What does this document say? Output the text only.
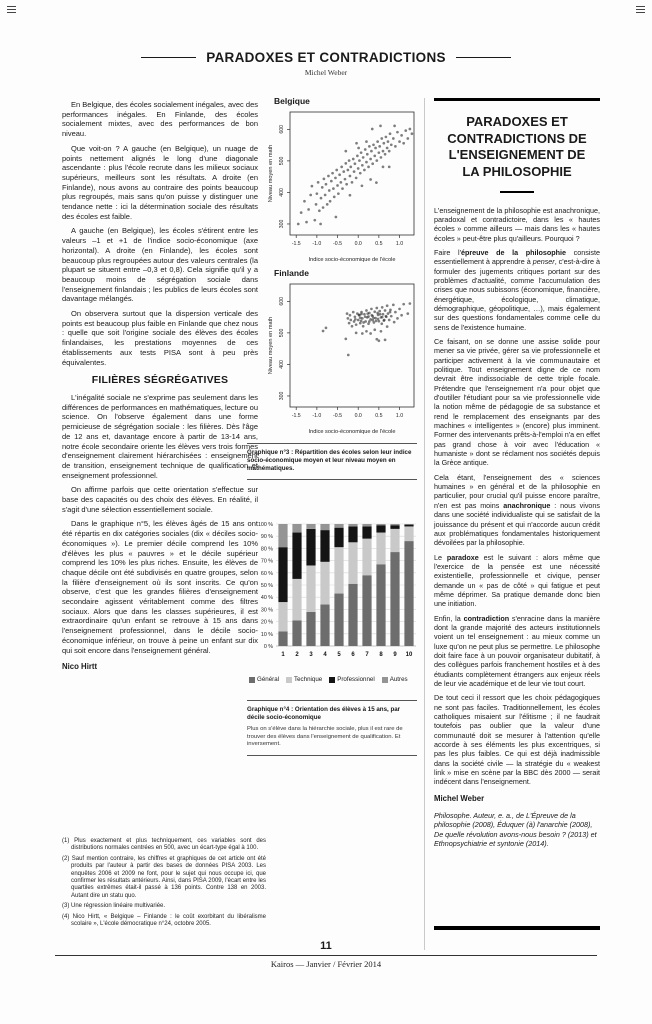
PARADOXES ET CONTRADICTIONS
Michel Weber

En Belgique, des écoles socialement inégales, avec des performances inégales. En Finlande, des écoles socialement mixtes, avec des performances de bon niveau.

Que voit-on ? A gauche (en Belgique), un nuage de points nettement alignés le long d'une diagonale ascendante : plus l'école recrute dans les milieux sociaux supérieurs, meilleurs sont les résultats. A droite (en Finlande), nous avons au contraire des points beaucoup plus regroupés, mais sans qu'on puisse y distinguer une tendance nette : ici la détermination sociale des résultats des écoles est faible.

A gauche (en Belgique), les écoles s'étirent entre les valeurs –1 et +1 de l'indice socio-économique (axe horizontal). A droite (en Finlande), les écoles sont beaucoup plus regroupées autour des valeurs centrales (la plupart se situent entre –0,3 et 0,8). Cela signifie qu'il y a beaucoup moins de ségrégation sociale dans l'enseignement finlandais ; les publics de leurs écoles sont davantage mélangés.

On observera surtout que la dispersion verticale des points est beaucoup plus faible en Finlande que chez nous : quelle que soit l'origine sociale des élèves des écoles finlandaises, les prestations moyennes de ces établissements aux tests PISA sont à peu près équivalentes.

FILIÈRES SÉGRÉGATIVES

L'inégalité sociale ne s'exprime pas seulement dans les différences de performances en mathématiques, lecture ou science. On l'observe également dans une forme pernicieuse de ségrégation sociale : les filières. Dès l'âge de 12 ans et, davantage encore à partir de 13-14 ans, notre école secondaire oriente les élèves vers trois formes d'enseignement clairement hiérarchisées : enseignement de transition, enseignement technique de qualification et enseignement professionnel.

On affirme parfois que cette orientation s'effectue sur base des capacités ou des choix des élèves. En réalité, il s'agit d'une sélection essentiellement sociale.

Dans le graphique n°5, les élèves âgés de 15 ans ont été répartis en dix catégories sociales (dix « déciles socio-économiques »). Le premier décile comprend les 10% d'élèves les plus « pauvres » et le décile supérieur comprend les 10% les plus riches. Ensuite, les élèves de chaque décile ont été subdivisés en quatre groupes, selon la filière d'enseignement où ils sont inscrits. Ce qu'on observe, c'est que les grandes filières d'enseignement secondaire agissent véritablement comme des filtres sociaux. Alors que dans les classes supérieures, il est extraordinaire qu'un enfant se retrouve à 15 ans dans l'enseignement professionnel, dans le décile socio-économique inférieur, on trouve à peine un enfant sur dix qui soit encore dans l'enseignement général.

Nico Hirtt
(1) Plus exactement et plus techniquement, ces variables sont des distributions normales centrées en 500, avec un écart-type égal à 100.
(2) Sauf mention contraire, les chiffres et graphiques de cet article ont été produits par l'auteur à partir des bases de données PISA 2003. Les enquêtes 2006 et 2009 ne font, pour le sujet qui nous occupe ici, que confirmer les résultats antérieurs. Ainsi, dans PISA 2009, l'écart entre les quartiles extrêmes était-il passé à 136 points. Contre 138 en 2003. Autant dire un statu quo.
(3) Une régression linéaire multivariée.
(4) Nico Hirtt, « Belgique – Finlande : le coût exorbitant du libéralisme scolaire », L'école démocratique n°24, octobre 2005.
Belgique
-1.5 -1.0 -0.5 0.0	0.5	1.0
300
400
500
600
Niveau moyen en math
Indice socio-économique de l'école
Finlande
-1.5 -1.0 -0.5 0.0	0.5	1.0
300
400
500
600
Niveau moyen en math
Indice socio-économique de l'école
Graphique n°3 : Répartition des écoles selon leur indice socio-économique moyen et leur niveau moyen en mathématiques.
0 %
10 %
20 %
30 %
40 %
50 %
60 %
70 %
80 %
90 %
100 %
1 2 3 4 5 6 7 8 9 10
Général Technique Professionnel Autres
Graphique n°4 : Orientation des élèves à 15 ans, par décile socio-économique
Plus on s'élève dans la hiérarchie sociale, plus il est rare de trouver des élèves dans l'enseignement de qualification. Et inversement.
PARADOXES ET CONTRADICTIONS DE L'ENSEIGNEMENT DE LA PHILOSOPHIE

L'enseignement de la philosophie est anachronique, paradoxal et contradictoire, dans les « hautes écoles » comme ailleurs — mais dans les « hautes écoles » peut-être plus qu'ailleurs. Pourquoi ?

Faire l'épreuve de la philosophie consiste essentiellement à apprendre à penser, c'est-à-dire à formuler des jugements critiques portant sur des problèmes d'actualité, comme l'accumulation des crises que nous subissons (économique, financière, énergétique, écologique, climatique, démographique, géopolitique, …), mais également sur des questions fondamentales comme celle du sens de l'existence humaine.

Ce faisant, on se donne une assise solide pour mener sa vie privée, gérer sa vie professionnelle et participer activement à la vie communautaire et politique. Tout enseignement digne de ce nom devrait être indissociable de cette triple focale. Prétendre que l'enseignement n'a pour objet que d'outiller l'étudiant pour sa vie professionnelle vide la notion même de pédagogie de sa substance et rend le remplacement des enseignants par des machines « intelligentes » (encore) plus imminent. Former des intervenants prêts-à-l'emploi n'a en effet pas grand chose à voir avec l'éducation « humaniste » dont se réclament nos sociétés depuis la Grèce antique.

Cela étant, l'enseignement des « sciences humaines » en général et de la philosophie en particulier, pour crucial qu'il puisse encore paraître, n'en est pas moins anachronique : nous vivons dans une société individualiste qui se satisfait de la jouissance du présent et qui n'accorde aucun crédit aux problématiques fondamentales historiquement dévoilées par la philosophie.

Le paradoxe est le suivant : alors même que l'exercice de la pensée est une nécessité existentielle, professionnelle et civique, penser demande un « pas de côté » qui fatigue et peut même déprimer. Sa pratique demande donc bien une initiation.

Enfin, la contradiction s'enracine dans la manière dont la grande majorité des acteurs institutionnels voient un tel enseignement : au mieux comme un luxe qu'on ne peut plus se permettre. Le philosophe doit faire face à un pouvoir organisateur dubitatif, à des collègues parfois franchement hostiles et à des étudiants complètement étrangers aux enjeux réels de leur vie académique et de leur vie tout court.

De tout ceci il ressort que les choix pédagogiques ne sont pas faciles. Traditionnellement, les écoles catholiques misaient sur l'élitisme ; il ne faudrait toutefois pas oublier que la valeur d'une communauté doit se mesurer à l'attention qu'elle accorde à ses éléments les plus excentriques, si pas les plus faibles. Ce qui est déjà inadmissible dans la société civile — la stratégie du « weakest link » mise en scène par la BBC dès 2000 — serait indécent dans l'enseignement.

Michel Weber
Philosophe. Auteur, e. a., de L'Épreuve de la philosophie (2008), Éduquer (à) l'anarchie (2008), De quelle révolution avons-nous besoin ? (2013) et Ethnopsychiatrie et syntonie (2014).
11
Kairos — Janvier / Février 2014
